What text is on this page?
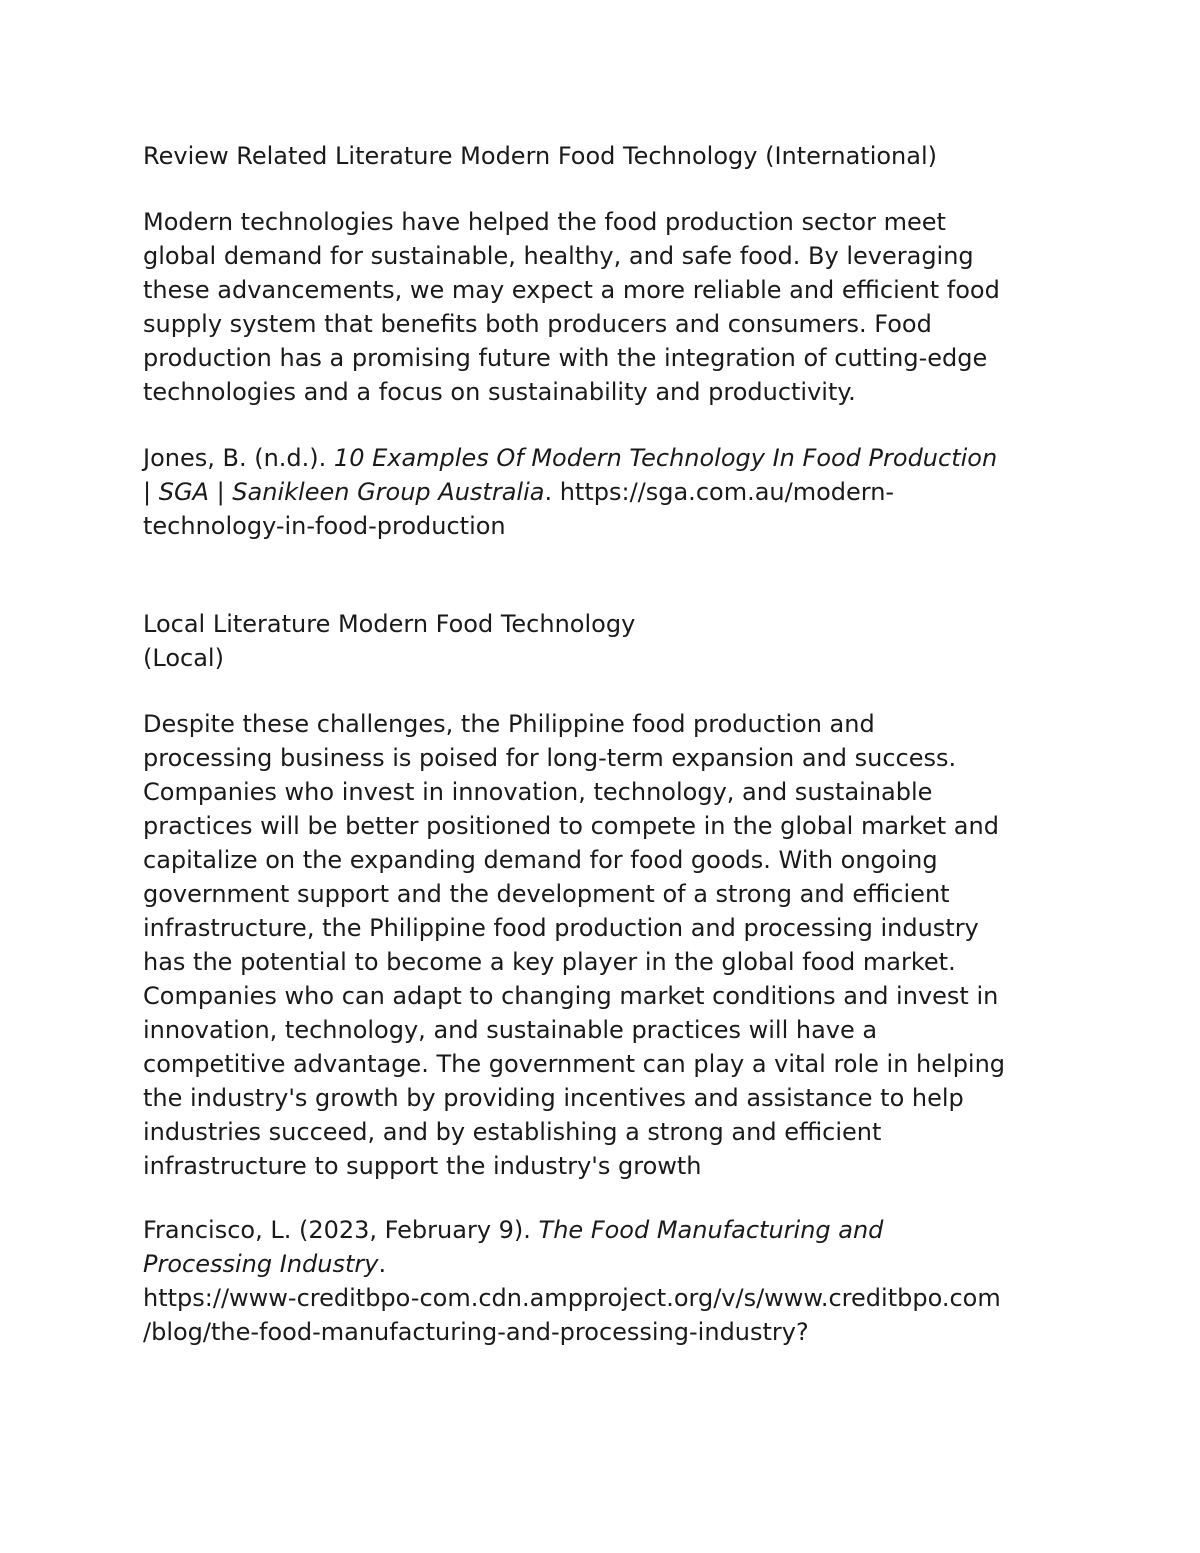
Review Related Literature Modern Food Technology (International)
Modern technologies have helped the food production sector meet
global demand for sustainable, healthy, and safe food. By leveraging
these advancements, we may expect a more reliable and efficient food
supply system that benefits both producers and consumers. Food
production has a promising future with the integration of cutting-edge
technologies and a focus on sustainability and productivity.
Jones, B. (n.d.). 10 Examples Of Modern Technology In Food Production
| SGA | Sanikleen Group Australia. https://sga.com.au/modern-
technology-in-food-production
Local Literature Modern Food Technology
(Local)
Despite these challenges, the Philippine food production and
processing business is poised for long-term expansion and success.
Companies who invest in innovation, technology, and sustainable
practices will be better positioned to compete in the global market and
capitalize on the expanding demand for food goods. With ongoing
government support and the development of a strong and efficient
infrastructure, the Philippine food production and processing industry
has the potential to become a key player in the global food market.
Companies who can adapt to changing market conditions and invest in
innovation, technology, and sustainable practices will have a
competitive advantage. The government can play a vital role in helping
the industry's growth by providing incentives and assistance to help
industries succeed, and by establishing a strong and efficient
infrastructure to support the industry's growth
Francisco, L. (2023, February 9). The Food Manufacturing and
Processing Industry.
https://www-creditbpo-com.cdn.ampproject.org/v/s/www.creditbpo.com
/blog/the-food-manufacturing-and-processing-industry?
